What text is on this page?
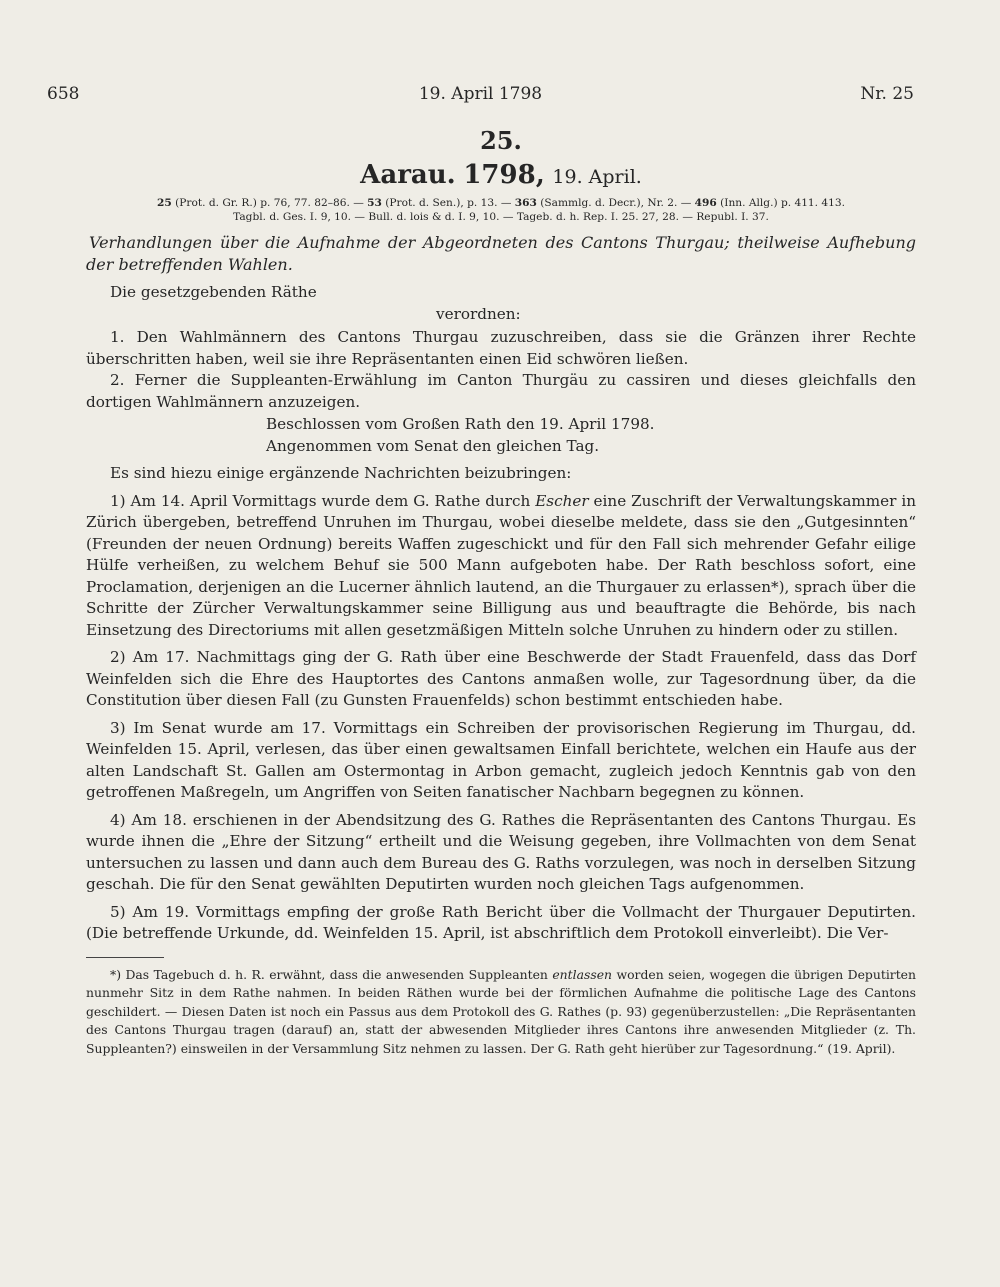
658	19. April 1798	Nr. 25

25.

Aarau. 1798, 19. April.

25 (Prot. d. Gr. R.) p. 76, 77. 82–86. — 53 (Prot. d. Sen.), p. 13. — 363 (Sammlg. d. Decr.), Nr. 2. — 496 (Inn. Allg.) p. 411. 413.
Tagbl. d. Ges. I. 9, 10. — Bull. d. lois & d. I. 9, 10. — Tageb. d. h. Rep. I. 25. 27, 28. — Republ. I. 37.

Verhandlungen über die Aufnahme der Abgeordneten des Cantons Thurgau; theilweise Aufhebung der betreffenden Wahlen.

Die gesetzgebenden Räthe

verordnen:

1. Den Wahlmännern des Cantons Thurgau zuzuschreiben, dass sie die Gränzen ihrer Rechte überschritten haben, weil sie ihre Repräsentanten einen Eid schwören ließen.

2. Ferner die Suppleanten-Erwählung im Canton Thurgäu zu cassiren und dieses gleichfalls den dortigen Wahlmännern anzuzeigen.

Beschlossen vom Großen Rath den 19. April 1798.

Angenommen vom Senat den gleichen Tag.

Es sind hiezu einige ergänzende Nachrichten beizubringen:

1) Am 14. April Vormittags wurde dem G. Rathe durch Escher eine Zuschrift der Verwaltungskammer in Zürich übergeben, betreffend Unruhen im Thurgau, wobei dieselbe meldete, dass sie den „Gutgesinnten“ (Freunden der neuen Ordnung) bereits Waffen zugeschickt und für den Fall sich mehrender Gefahr eilige Hülfe verheißen, zu welchem Behuf sie 500 Mann aufgeboten habe. Der Rath beschloss sofort, eine Proclamation, derjenigen an die Lucerner ähnlich lautend, an die Thurgauer zu erlassen*), sprach über die Schritte der Zürcher Verwaltungskammer seine Billigung aus und beauftragte die Behörde, bis nach Einsetzung des Directoriums mit allen gesetzmäßigen Mitteln solche Unruhen zu hindern oder zu stillen.

2) Am 17. Nachmittags ging der G. Rath über eine Beschwerde der Stadt Frauenfeld, dass das Dorf Weinfelden sich die Ehre des Hauptortes des Cantons anmaßen wolle, zur Tagesordnung über, da die Constitution über diesen Fall (zu Gunsten Frauenfelds) schon bestimmt entschieden habe.

3) Im Senat wurde am 17. Vormittags ein Schreiben der provisorischen Regierung im Thurgau, dd. Weinfelden 15. April, verlesen, das über einen gewaltsamen Einfall berichtete, welchen ein Haufe aus der alten Landschaft St. Gallen am Ostermontag in Arbon gemacht, zugleich jedoch Kenntnis gab von den getroffenen Maßregeln, um Angriffen von Seiten fanatischer Nachbarn begegnen zu können.

4) Am 18. erschienen in der Abendsitzung des G. Rathes die Repräsentanten des Cantons Thurgau. Es wurde ihnen die „Ehre der Sitzung“ ertheilt und die Weisung gegeben, ihre Vollmachten von dem Senat untersuchen zu lassen und dann auch dem Bureau des G. Raths vorzulegen, was noch in derselben Sitzung geschah. Die für den Senat gewählten Deputirten wurden noch gleichen Tags aufgenommen.

5) Am 19. Vormittags empfing der große Rath Bericht über die Vollmacht der Thurgauer Deputirten. (Die betreffende Urkunde, dd. Weinfelden 15. April, ist abschriftlich dem Protokoll einverleibt). Die Ver-

*) Das Tagebuch d. h. R. erwähnt, dass die anwesenden Suppleanten entlassen worden seien, wogegen die übrigen Deputirten nunmehr Sitz in dem Rathe nahmen. In beiden Räthen wurde bei der förmlichen Aufnahme die politische Lage des Cantons geschildert. — Diesen Daten ist noch ein Passus aus dem Protokoll des G. Rathes (p. 93) gegenüberzustellen: „Die Repräsentanten des Cantons Thurgau tragen (darauf) an, statt der abwesenden Mitglieder ihres Cantons ihre anwesenden Mitglieder (z. Th. Suppleanten?) einsweilen in der Versammlung Sitz nehmen zu lassen. Der G. Rath geht hierüber zur Tagesordnung.“ (19. April).
